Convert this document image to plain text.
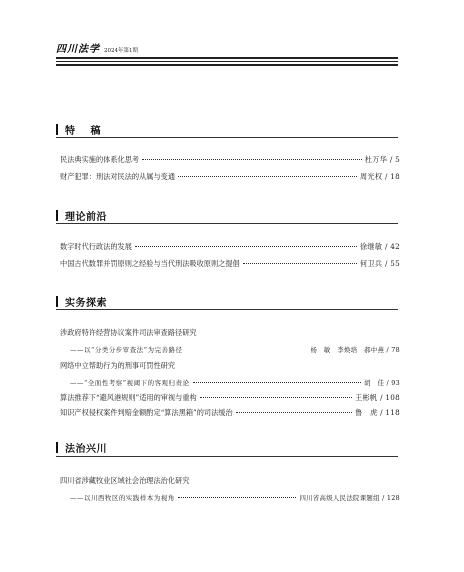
四川法学 2024年第1期
特 稿
民法典实施的体系化思考	杜万华 / 5
财产犯罪：刑法对民法的从属与变通	周光权 / 18
理论前沿
数字时代行政法的发展	徐继敏 / 42
中国古代数罪并罚原则之经验与当代刑法吸收原则之提倡	何卫兵 / 55
实务探索
涉政府特许经营协议案件司法审查路径研究
——以“分类分步审查法”为完善路径	杨　敏　李焕培　郝中燕 / 78
网络中立帮助行为的刑事可罚性研究
——“全面性考察”视阈下的客观归责论	胡　佳 / 93
算法推荐下“避风港规则”适用的审视与重构	王彬帆 / 108
知识产权侵权案件判赔金额酌定“算法黑箱”的司法缓治	鲁　虎 / 118
法治兴川
四川省涉藏牧业区域社会治理法治化研究
——以川西牧区的实践样本为视角	四川省高级人民法院课题组 / 128
